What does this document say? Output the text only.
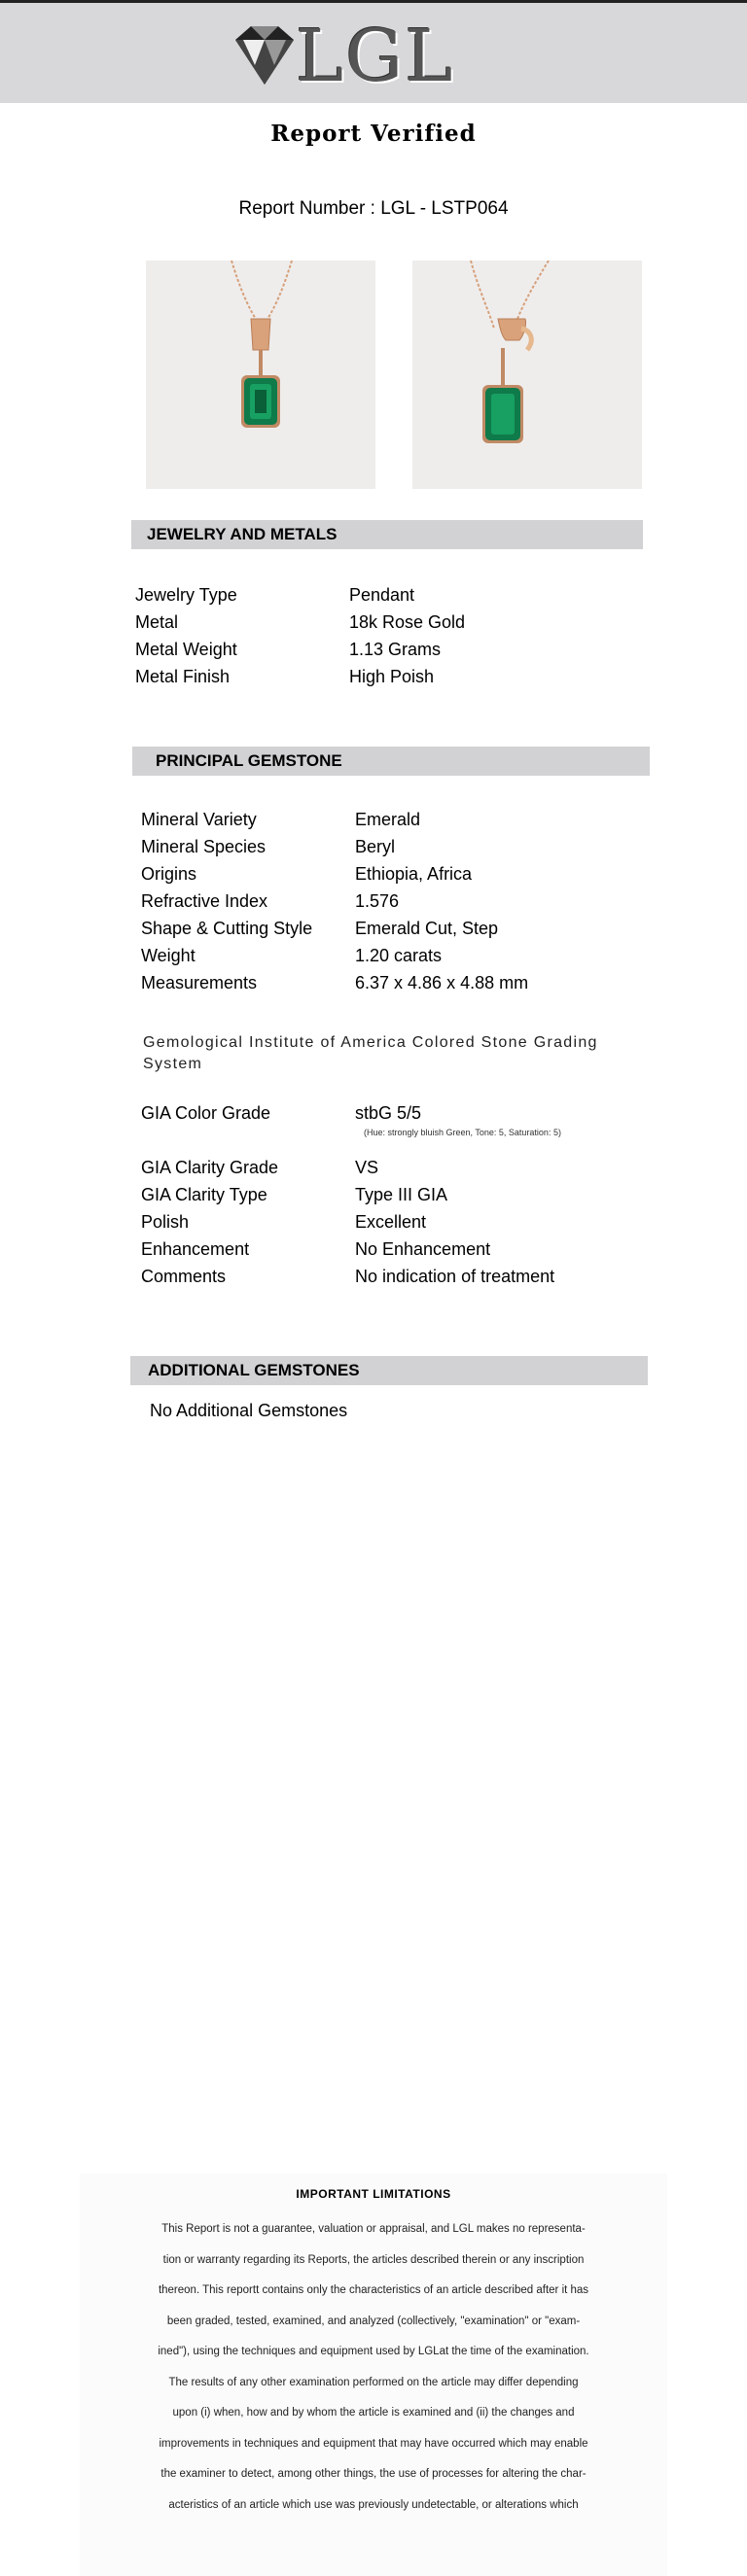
LGL
Report Verified
Report Number : LGL - LSTP064
JEWELRY AND METALS
Jewelry Type	Pendant
Metal	18k Rose Gold
Metal Weight	1.13 Grams
Metal Finish	High Poish
PRINCIPAL GEMSTONE
Mineral Variety	Emerald
Mineral Species	Beryl
Origins	Ethiopia, Africa
Refractive Index	1.576
Shape & Cutting Style	Emerald Cut, Step
Weight	1.20 carats
Measurements	6.37 x 4.86 x 4.88 mm
Gemological Institute of America Colored Stone Grading System
GIA Color Grade	stbG 5/5
(Hue: strongly bluish Green, Tone: 5, Saturation: 5)
GIA Clarity Grade	VS
GIA Clarity Type	Type III GIA
Polish	Excellent
Enhancement	No Enhancement
Comments	No indication of treatment
ADDITIONAL GEMSTONES
No Additional Gemstones
IMPORTANT LIMITATIONS
This Report is not a guarantee, valuation or appraisal, and LGL makes no representa-
tion or warranty regarding its Reports, the articles described therein or any inscription
thereon. This reportt contains only the characteristics of an article described after it has
been graded, tested, examined, and analyzed (collectively, "examination" or "exam-
ined"), using the techniques and equipment used by LGLat the time of the examination.
The results of any other examination performed on the article may differ depending
upon (i) when, how and by whom the article is examined and (ii) the changes and
improvements in techniques and equipment that may have occurred which may enable
the examiner to detect, among other things, the use of processes for altering the char-
acteristics of an article which use was previously undetectable, or alterations which
